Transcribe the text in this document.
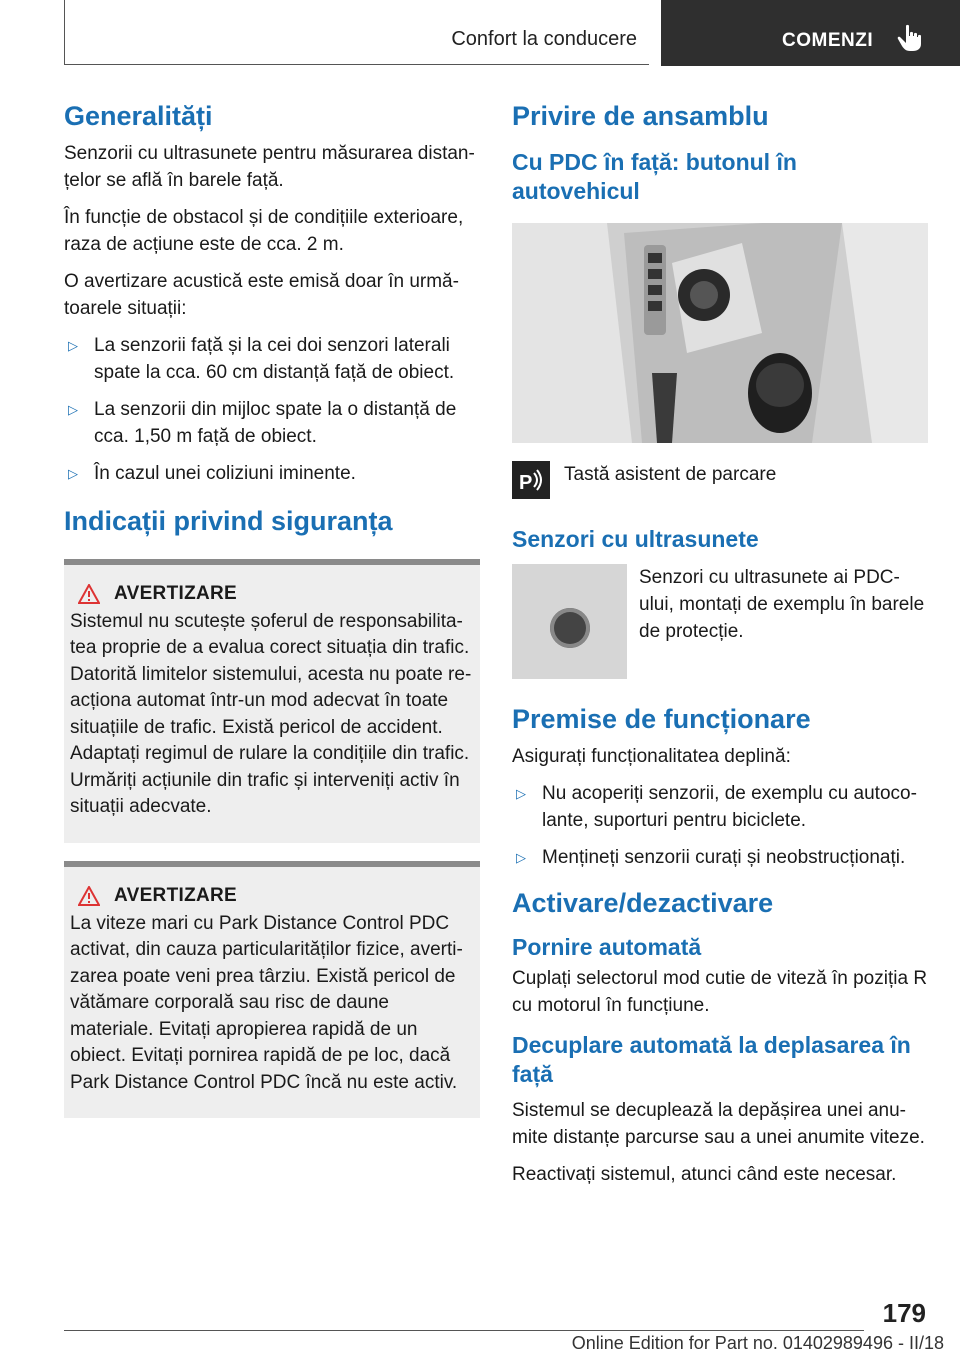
Confort la conducere	COMENZI
Generalități

Senzorii cu ultrasunete pentru măsurarea distan‐țelor se află în barele față.

În funcție de obstacol și de condițiile exterioare, raza de acțiune este de cca. 2 m.

O avertizare acustică este emisă doar în urmă‐toarele situații:

▷ La senzorii față și la cei doi senzori laterali spate la cca. 60 cm distanță față de obiect.
▷ La senzorii din mijloc spate la o distanță de cca. 1,50 m față de obiect.
▷ În cazul unei coliziuni iminente.
Indicații privind siguranța
AVERTIZARE

Sistemul nu scutește șoferul de responsabilita‐tea proprie de a evalua corect situația din trafic. Datorită limitelor sistemului, acesta nu poate re‐acționa automat într-un mod adecvat în toate situațiile de trafic. Există pericol de accident. Adaptați regimul de rulare la condițiile din trafic. Urmăriți acțiunile din trafic și interveniți activ în situații adecvate.

AVERTIZARE

La viteze mari cu Park Distance Control PDC activat, din cauza particularităților fizice, averti‐zarea poate veni prea târziu. Există pericol de vătămare corporală sau risc de daune materiale. Evitați apropierea rapidă de un obiect. Evitați pornirea rapidă de pe loc, dacă Park Distance Control PDC încă nu este activ.

Privire de ansamblu
Cu PDC în față: butonul în autovehicul
P Tastă asistent de parcare

Senzori cu ultrasunete

Senzori cu ultrasunete ai PDC-ului, montați de exemplu în barele de protecție.

Premise de funcționare

Asigurați funcționalitatea deplină:

▷ Nu acoperiți senzorii, de exemplu cu autoco‐lante, suporturi pentru biciclete.
▷ Mențineți senzorii curați și neobstrucționați.
Activare/dezactivare
Pornire automată

Cuplați selectorul mod cutie de viteză în poziția R cu motorul în funcțiune.

Decuplare automată la deplasarea în față

Sistemul se decuplează la depășirea unei anu‐mite distanțe parcurse sau a unei anumite viteze.

Reactivați sistemul, atunci când este necesar.

179
Online Edition for Part no. 01402989496 - II/18
